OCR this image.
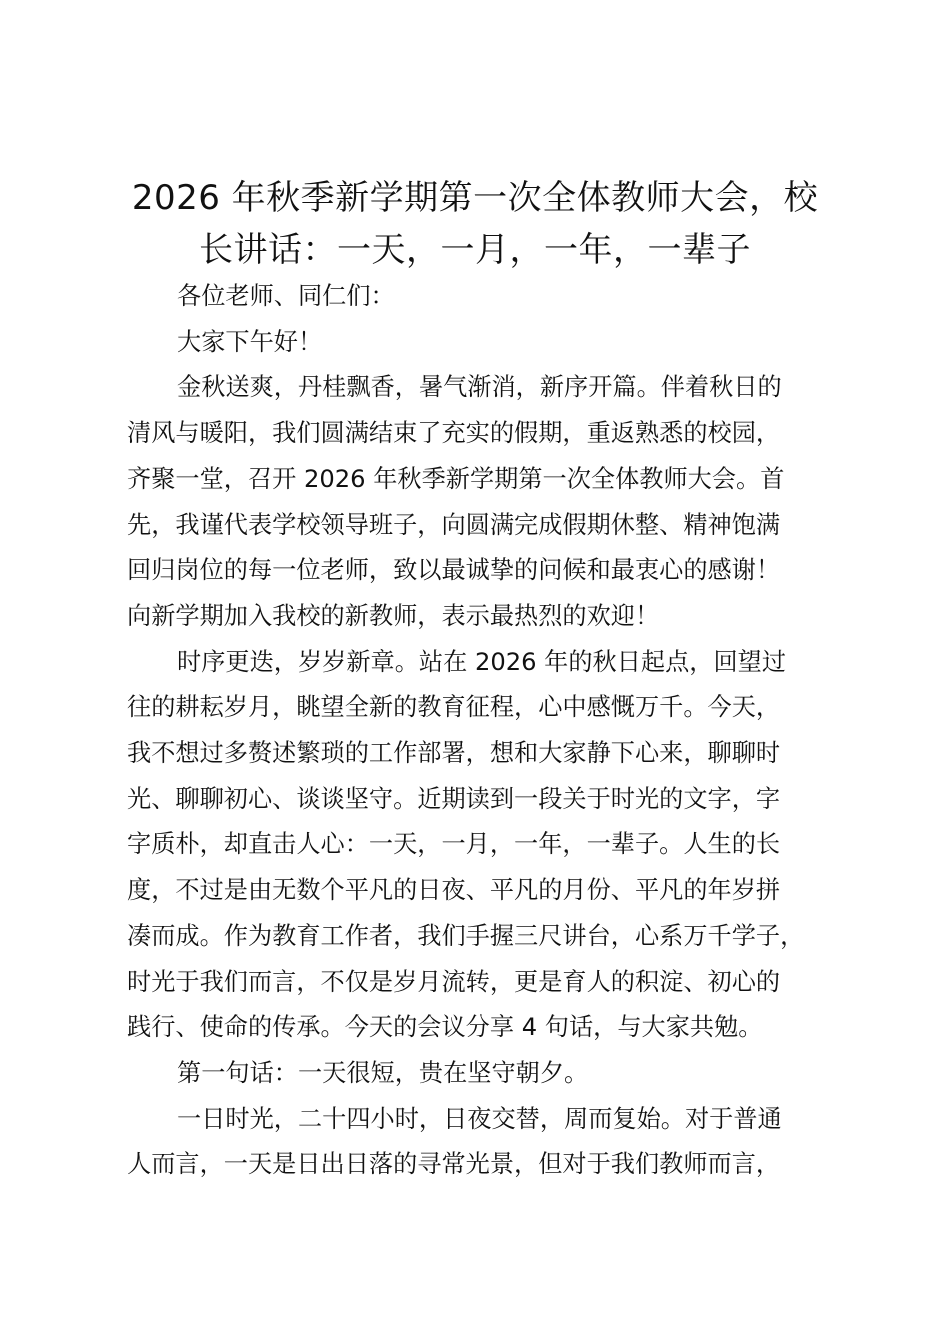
2026 年秋季新学期第一次全体教师大会，校
长讲话：一天，一月，一年，一辈子

各位老师、同仁们：

大家下午好！

金秋送爽，丹桂飘香，暑气渐消，新序开篇。伴着秋日的
清风与暖阳，我们圆满结束了充实的假期，重返熟悉的校园，
齐聚一堂，召开 2026 年秋季新学期第一次全体教师大会。首
先，我谨代表学校领导班子，向圆满完成假期休整、精神饱满
回归岗位的每一位老师，致以最诚挚的问候和最衷心的感谢！
向新学期加入我校的新教师，表示最热烈的欢迎！

时序更迭，岁岁新章。站在 2026 年的秋日起点，回望过
往的耕耘岁月，眺望全新的教育征程，心中感慨万千。今天，
我不想过多赘述繁琐的工作部署，想和大家静下心来，聊聊时
光、聊聊初心、谈谈坚守。近期读到一段关于时光的文字，字
字质朴，却直击人心：一天，一月，一年，一辈子。人生的长
度，不过是由无数个平凡的日夜、平凡的月份、平凡的年岁拼
凑而成。作为教育工作者，我们手握三尺讲台，心系万千学子，
时光于我们而言，不仅是岁月流转，更是育人的积淀、初心的
践行、使命的传承。今天的会议分享 4 句话，与大家共勉。

第一句话：一天很短，贵在坚守朝夕。

一日时光，二十四小时，日夜交替，周而复始。对于普通
人而言，一天是日出日落的寻常光景，但对于我们教师而言，
